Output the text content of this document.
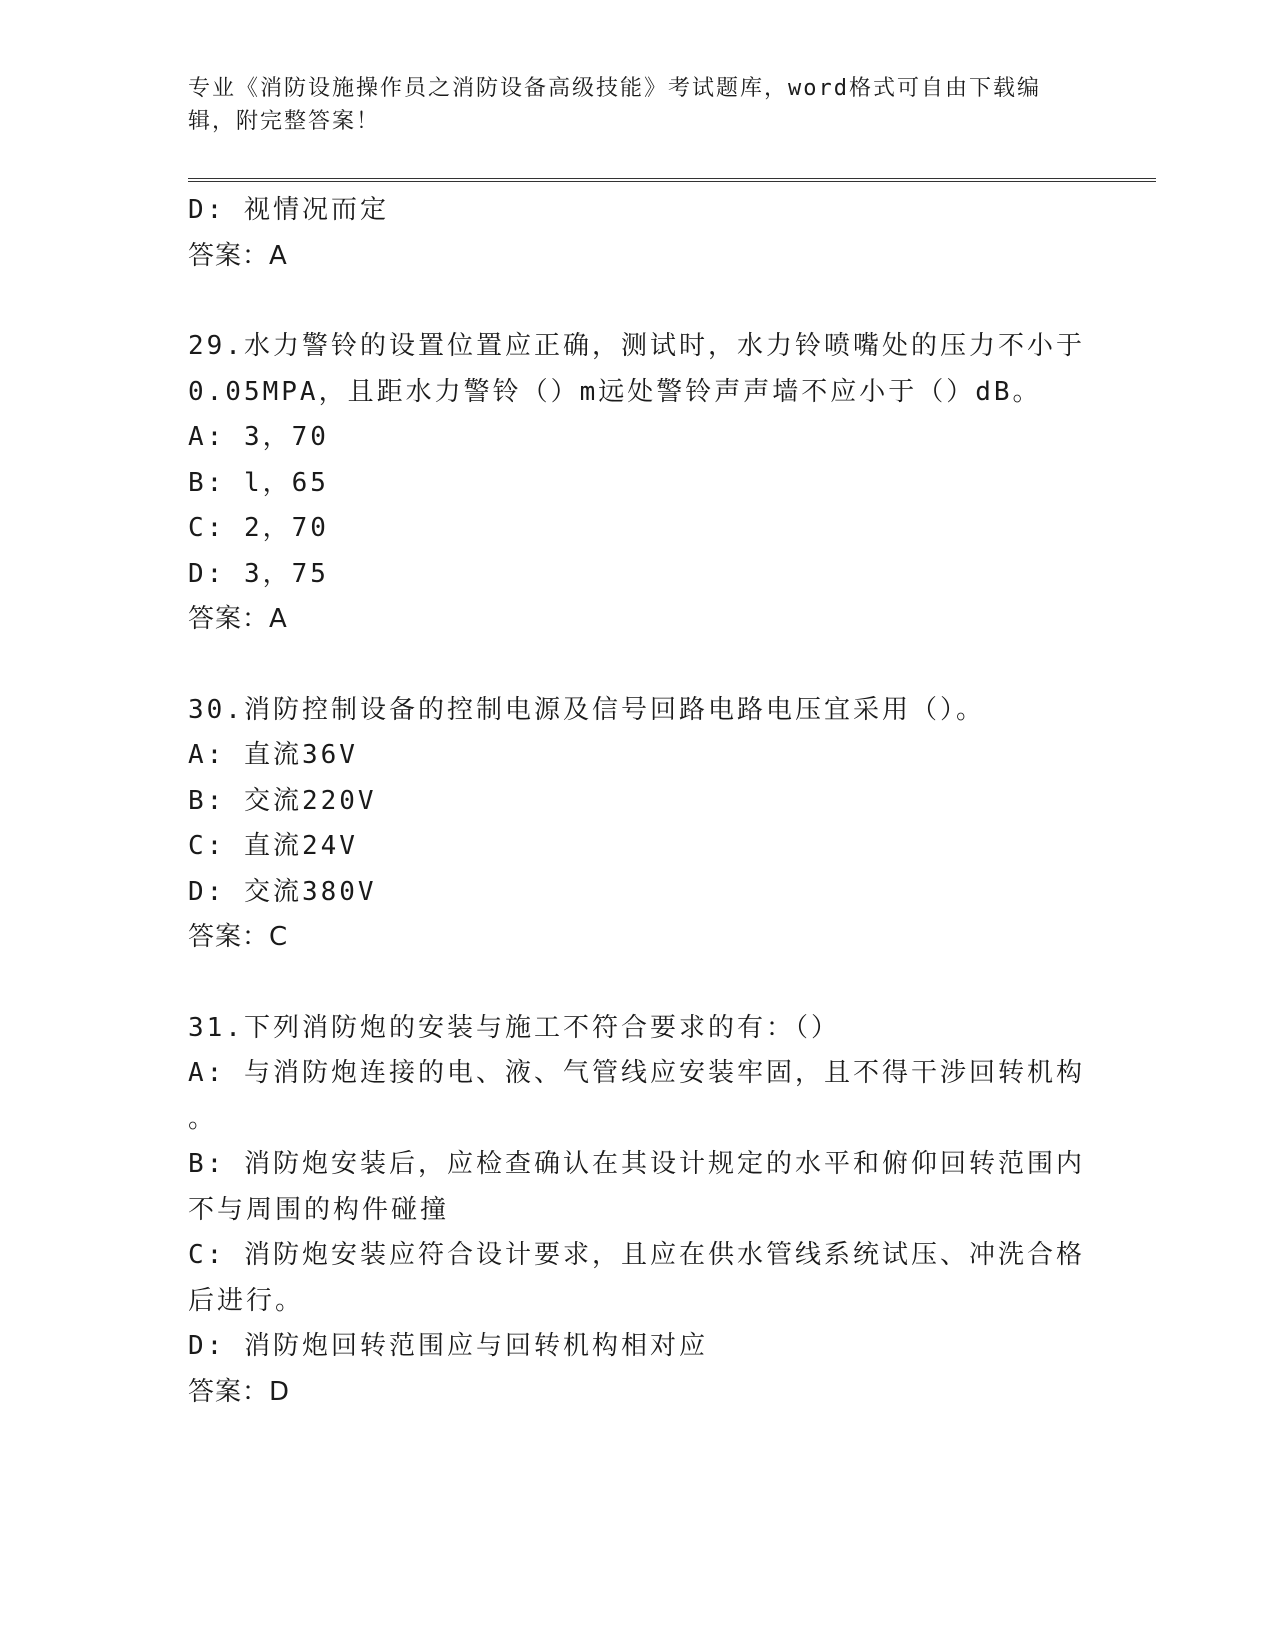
专业《消防设施操作员之消防设备高级技能》考试题库，word格式可自由下载编
辑，附完整答案！
D: 视情况而定
答案：A
29.水力警铃的设置位置应正确，测试时，水力铃喷嘴处的压力不小于
0.05MPA，且距水力警铃（）m远处警铃声声墙不应小于（）dB。
A: 3，70
B: l，65
C: 2，70
D: 3，75
答案：A
30.消防控制设备的控制电源及信号回路电路电压宜采用（）。
A: 直流36V
B: 交流220V
C: 直流24V
D: 交流380V
答案：C
31.下列消防炮的安装与施工不符合要求的有：（）
A: 与消防炮连接的电、液、气管线应安装牢固，且不得干涉回转机构
。
B: 消防炮安装后，应检查确认在其设计规定的水平和俯仰回转范围内
不与周围的构件碰撞
C: 消防炮安装应符合设计要求，且应在供水管线系统试压、冲洗合格
后进行。
D: 消防炮回转范围应与回转机构相对应
答案：D
